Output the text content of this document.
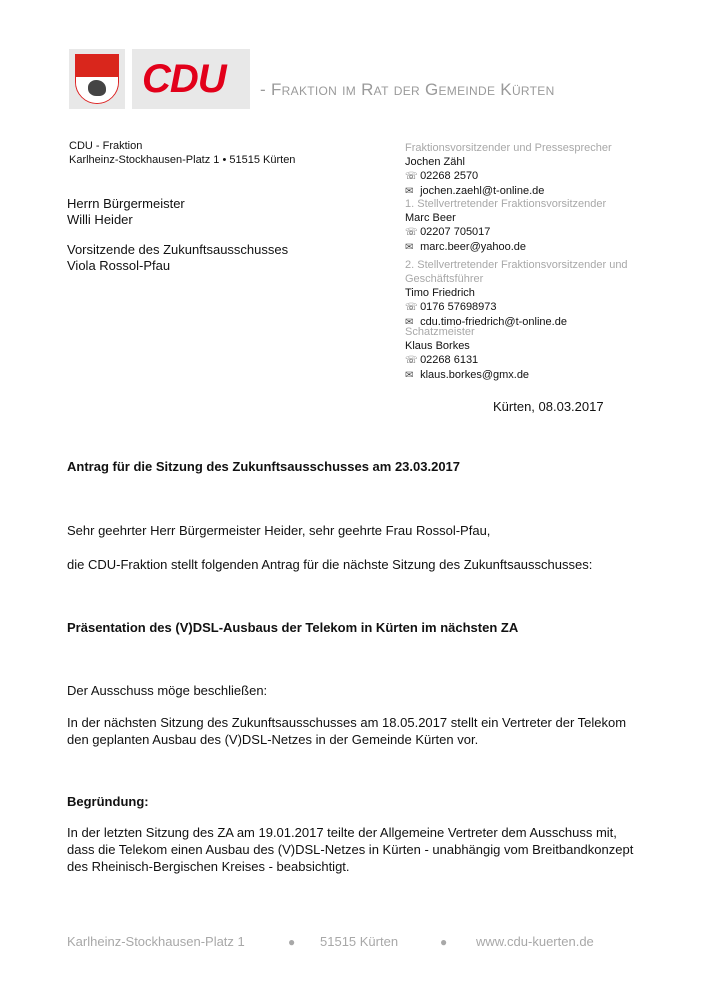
CDU - Fraktion im Rat der Gemeinde Kürten
CDU - Fraktion
Karlheinz-Stockhausen-Platz 1 • 51515 Kürten
Fraktionsvorsitzender und Pressesprecher
Jochen Zähl
☏ 02268 2570
✉ jochen.zaehl@t-online.de
1. Stellvertretender Fraktionsvorsitzender
Marc Beer
☏ 02207 705017
✉ marc.beer@yahoo.de
2. Stellvertretender Fraktionsvorsitzender und
Geschäftsführer
Timo Friedrich
☏ 0176 57698973
✉ cdu.timo-friedrich@t-online.de
Schatzmeister
Klaus Borkes
☏ 02268 6131
✉ klaus.borkes@gmx.de
Herrn Bürgermeister
Willi Heider
Vorsitzende des Zukunftsausschusses
Viola Rossol-Pfau
Kürten, 08.03.2017
Antrag für die Sitzung des Zukunftsausschusses am 23.03.2017
Sehr geehrter Herr Bürgermeister Heider, sehr geehrte Frau Rossol-Pfau,
die CDU-Fraktion stellt folgenden Antrag für die nächste Sitzung des Zukunftsausschusses:
Präsentation des (V)DSL-Ausbaus der Telekom in Kürten im nächsten ZA
Der Ausschuss möge beschließen:
In der nächsten Sitzung des Zukunftsausschusses am 18.05.2017 stellt ein Vertreter der Telekom
den geplanten Ausbau des (V)DSL-Netzes in der Gemeinde Kürten vor.
Begründung:
In der letzten Sitzung des ZA am 19.01.2017 teilte der Allgemeine Vertreter dem Ausschuss mit,
dass die Telekom einen Ausbau des (V)DSL-Netzes in Kürten - unabhängig vom Breitbandkonzept
des Rheinisch-Bergischen Kreises - beabsichtigt.
Karlheinz-Stockhausen-Platz 1	● 51515 Kürten	● www.cdu-kuerten.de
